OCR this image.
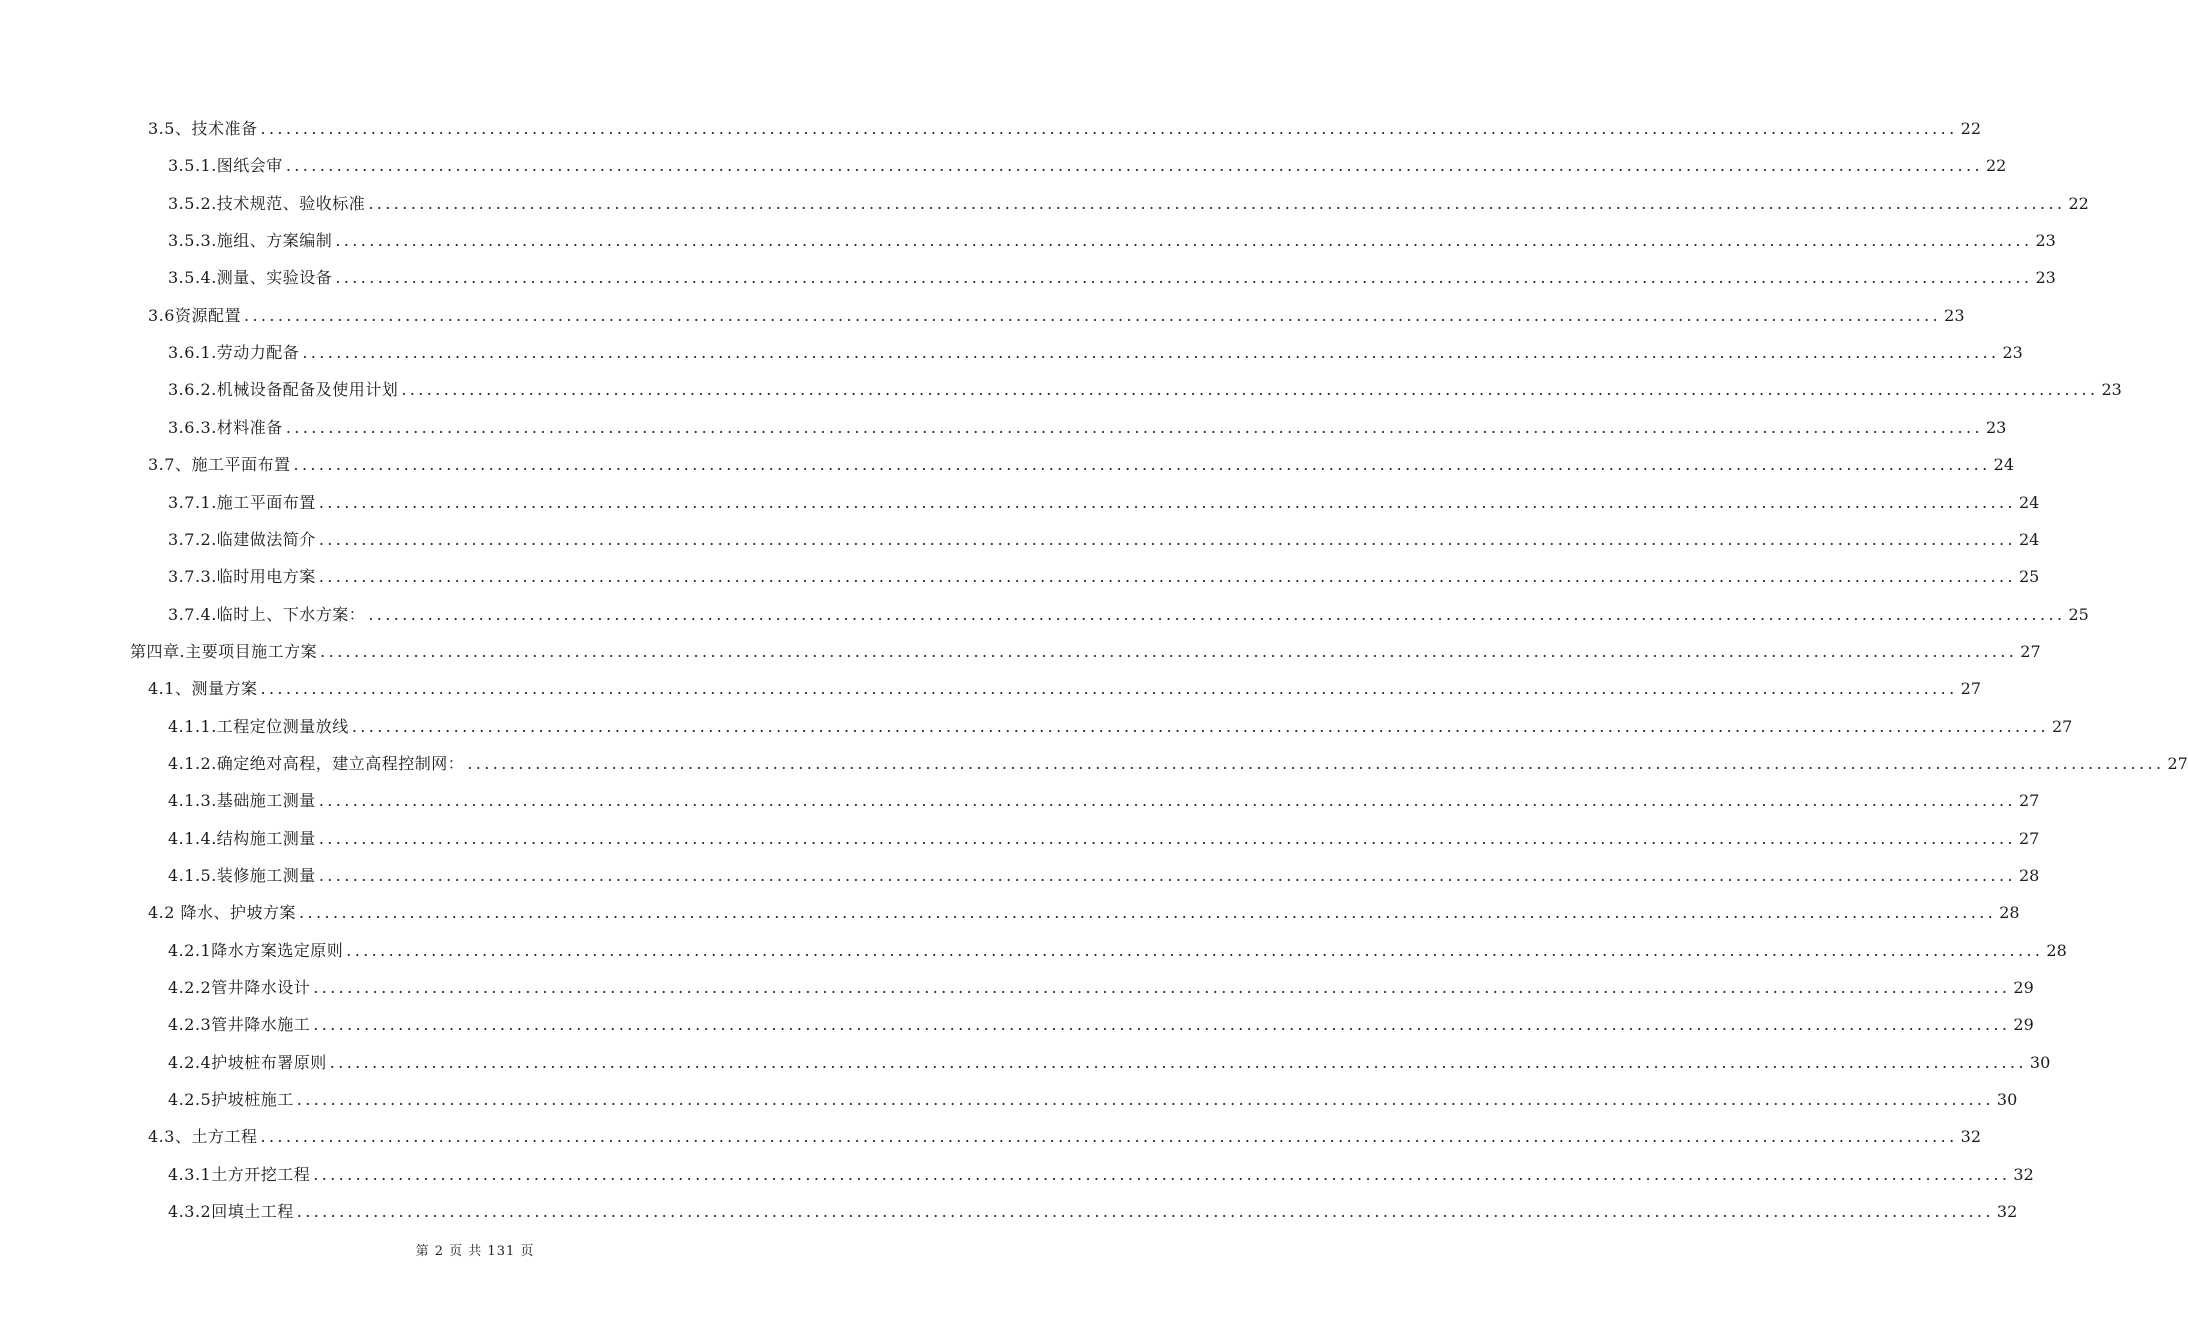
3.5、技术准备 ........................................................................................................................................................................................................ 22
3.5.1.图纸会审 ........................................................................................................................................................................................................ 22
3.5.2.技术规范、验收标准 ........................................................................................................................................................................................................ 22
3.5.3.施组、方案编制 ........................................................................................................................................................................................................ 23
3.5.4.测量、实验设备 ........................................................................................................................................................................................................ 23
3.6资源配置 ........................................................................................................................................................................................................ 23
3.6.1.劳动力配备 ........................................................................................................................................................................................................ 23
3.6.2.机械设备配备及使用计划 ........................................................................................................................................................................................................ 23
3.6.3.材料准备 ........................................................................................................................................................................................................ 23
3.7、施工平面布置 ........................................................................................................................................................................................................ 24
3.7.1.施工平面布置 ........................................................................................................................................................................................................ 24
3.7.2.临建做法简介 ........................................................................................................................................................................................................ 24
3.7.3.临时用电方案 ........................................................................................................................................................................................................ 25
3.7.4.临时上、下水方案： ........................................................................................................................................................................................................ 25
第四章.主要项目施工方案 ........................................................................................................................................................................................................ 27
4.1、测量方案 ........................................................................................................................................................................................................ 27
4.1.1.工程定位测量放线 ........................................................................................................................................................................................................ 27
4.1.2.确定绝对高程，建立高程控制网： ........................................................................................................................................................................................................ 27
4.1.3.基础施工测量 ........................................................................................................................................................................................................ 27
4.1.4.结构施工测量 ........................................................................................................................................................................................................ 27
4.1.5.装修施工测量 ........................................................................................................................................................................................................ 28
4.2 降水、护坡方案 ........................................................................................................................................................................................................ 28
4.2.1降水方案选定原则 ........................................................................................................................................................................................................ 28
4.2.2管井降水设计 ........................................................................................................................................................................................................ 29
4.2.3管井降水施工 ........................................................................................................................................................................................................ 29
4.2.4护坡桩布署原则 ........................................................................................................................................................................................................ 30
4.2.5护坡桩施工 ........................................................................................................................................................................................................ 30
4.3、土方工程 ........................................................................................................................................................................................................ 32
4.3.1土方开挖工程 ........................................................................................................................................................................................................ 32
4.3.2回填土工程 ........................................................................................................................................................................................................ 32
第 2 页 共 131 页
